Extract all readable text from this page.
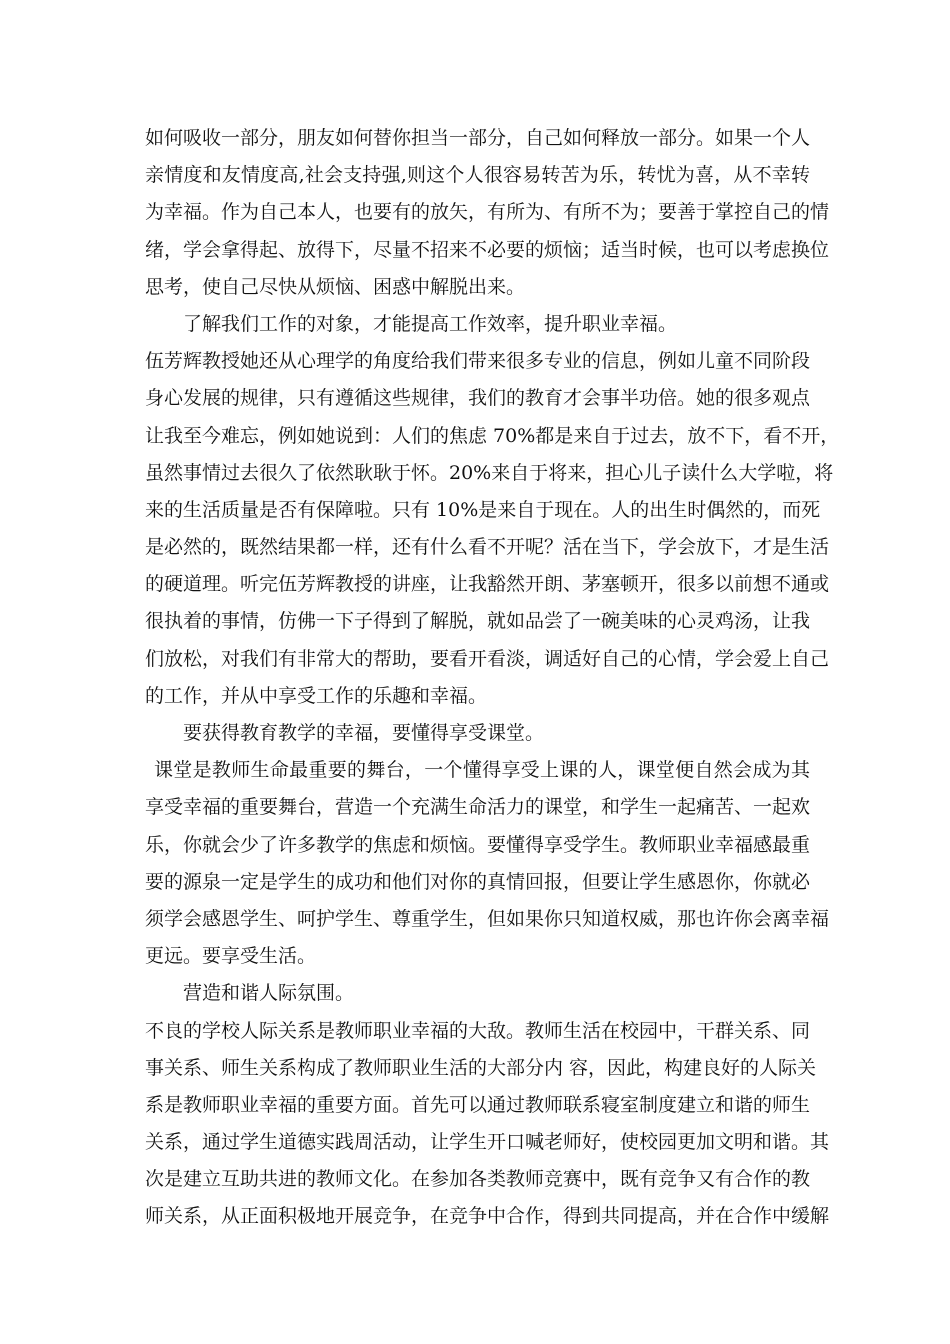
如何吸收一部分，朋友如何替你担当一部分，自己如何释放一部分。如果一个人
亲情度和友情度高,社会支持强,则这个人很容易转苦为乐，转忧为喜，从不幸转
为幸福。作为自己本人，也要有的放矢，有所为、有所不为；要善于掌控自己的情
绪，学会拿得起、放得下，尽量不招来不必要的烦恼；适当时候，也可以考虑换位
思考，使自己尽快从烦恼、困惑中解脱出来。
了解我们工作的对象，才能提高工作效率，提升职业幸福。
伍芳辉教授她还从心理学的角度给我们带来很多专业的信息，例如儿童不同阶段
身心发展的规律，只有遵循这些规律，我们的教育才会事半功倍。她的很多观点
让我至今难忘，例如她说到：人们的焦虑 70%都是来自于过去，放不下，看不开，
虽然事情过去很久了依然耿耿于怀。20%来自于将来，担心儿子读什么大学啦，将
来的生活质量是否有保障啦。只有 10%是来自于现在。人的出生时偶然的，而死
是必然的，既然结果都一样，还有什么看不开呢？活在当下，学会放下，才是生活
的硬道理。听完伍芳辉教授的讲座，让我豁然开朗、茅塞顿开，很多以前想不通或
很执着的事情，仿佛一下子得到了解脱，就如品尝了一碗美味的心灵鸡汤，让我
们放松，对我们有非常大的帮助，要看开看淡，调适好自己的心情，学会爱上自己
的工作，并从中享受工作的乐趣和幸福。
要获得教育教学的幸福，要懂得享受课堂。
课堂是教师生命最重要的舞台，一个懂得享受上课的人，课堂便自然会成为其
享受幸福的重要舞台，营造一个充满生命活力的课堂，和学生一起痛苦、一起欢
乐，你就会少了许多教学的焦虑和烦恼。要懂得享受学生。教师职业幸福感最重
要的源泉一定是学生的成功和他们对你的真情回报，但要让学生感恩你，你就必
须学会感恩学生、呵护学生、尊重学生，但如果你只知道权威，那也许你会离幸福
更远。要享受生活。
营造和谐人际氛围。
不良的学校人际关系是教师职业幸福的大敌。教师生活在校园中，干群关系、同
事关系、师生关系构成了教师职业生活的大部分内 容，因此，构建良好的人际关
系是教师职业幸福的重要方面。首先可以通过教师联系寝室制度建立和谐的师生
关系，通过学生道德实践周活动，让学生开口喊老师好，使校园更加文明和谐。其
次是建立互助共进的教师文化。在参加各类教师竞赛中，既有竞争又有合作的教
师关系，从正面积极地开展竞争，在竞争中合作，得到共同提高，并在合作中缓解
